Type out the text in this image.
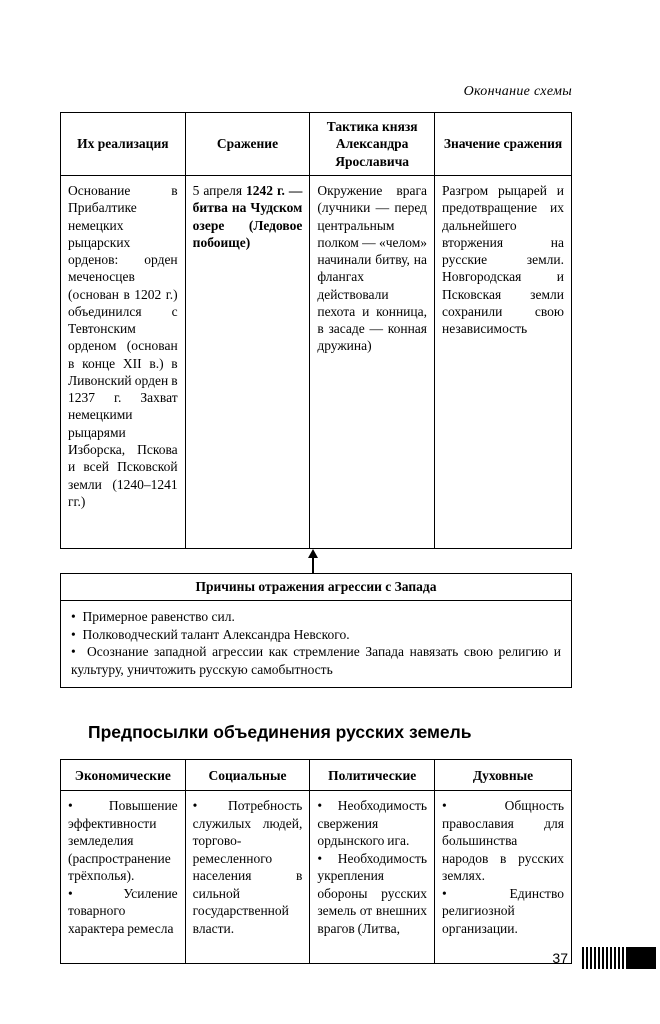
Окончание схемы
Их реализация	Сражение	Тактика князя Александра Ярославича	Значение сражения
Основание в Прибалтике немецких рыцарских орденов: орден меченосцев (основан в 1202 г.) объединился с Тевтонским орденом (основан в конце XII в.) в Ливонский орден в 1237 г. Захват немецкими рыцарями Изборска, Пскова и всей Псковской земли (1240–1241 гг.)	5 апреля 1242 г. — битва на Чудском озере (Ледовое побоище)	Окружение врага (лучники — перед центральным полком — «челом» начинали битву, на флангах действовали пехота и конница, в засаде — конная дружина)	Разгром рыцарей и предотвращение их дальнейшего вторжения на русские земли. Новгородская и Псковская земли сохранили свою независимость
Причины отражения агрессии с Запада
•  Примерное равенство сил.
•  Полководческий талант Александра Невского.
•  Осознание западной агрессии как стремление Запада навязать свою религию и культуру, уничтожить русскую самобытность
Предпосылки объединения русских земель
Экономические	Социальные	Политические	Духовные

•  Повышение эффективности земледелия (распространение трёхполья).
•  Усиление товарного характера ремесла

•  Потребность служилых людей, торгово-ремесленного населения в сильной государственной власти.

•  Необходимость свержения ордынского ига.
•  Необходимость укрепления обороны русских земель от внешних врагов (Литва,

•  Общность православия для большинства народов в русских землях.
•  Единство религиозной организации.
37
